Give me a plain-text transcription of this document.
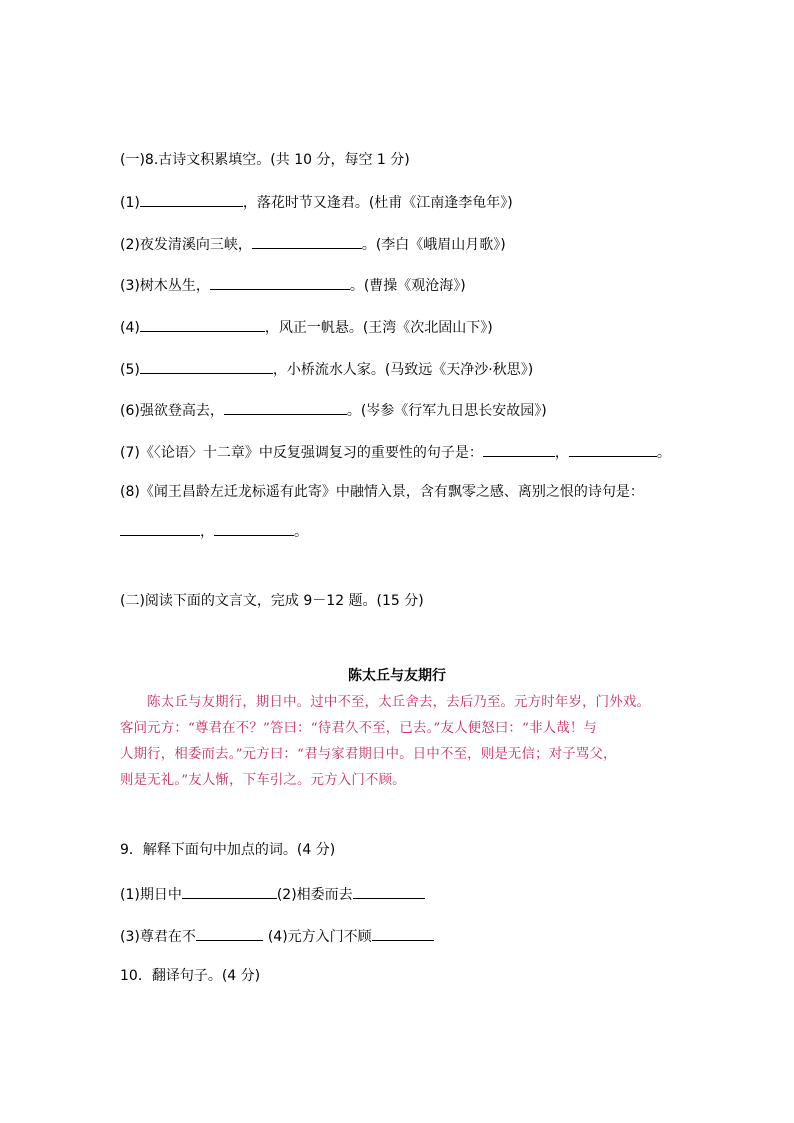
(一)8.古诗文积累填空。(共 10 分，每空 1 分)
(1)	，落花时节又逢君。(杜甫《江南逢李龟年》)
(2)夜发清溪向三峡，	。(李白《峨眉山月歌》)
(3)树木丛生，	。(曹操《观沧海》)
(4)	，风正一帆悬。(王湾《次北固山下》)
(5)	，小桥流水人家。(马致远《天净沙·秋思》)
(6)强欲登高去，	。(岑参《行军九日思长安故园》)
(7)《〈论语〉十二章》中反复强调复习的重要性的句子是：	，	。
(8)《闻王昌龄左迁龙标遥有此寄》中融情入景，含有飘零之感、离别之恨的诗句是：
，	。
(二)阅读下面的文言文，完成 9－12 题。(15 分)
陈太丘与友期行

　　陈太丘与友期行，期日中。过中不至，太丘舍去，去后乃至。元方时年岁，门外戏。

客问元方：“尊君在不？”答曰：“待君久不至，已去。”友人便怒曰：“非人哉！与

人期行，相委而去。”元方曰：“君与家君期日中。日中不至，则是无信；对子骂父，

则是无礼。”友人惭，下车引之。元方入门不顾。

9．解释下面句中加点的词。(4 分)
(1)期日中	(2)相委而去
(3)尊君在不	(4)元方入门不顾
10．翻译句子。(4 分)
